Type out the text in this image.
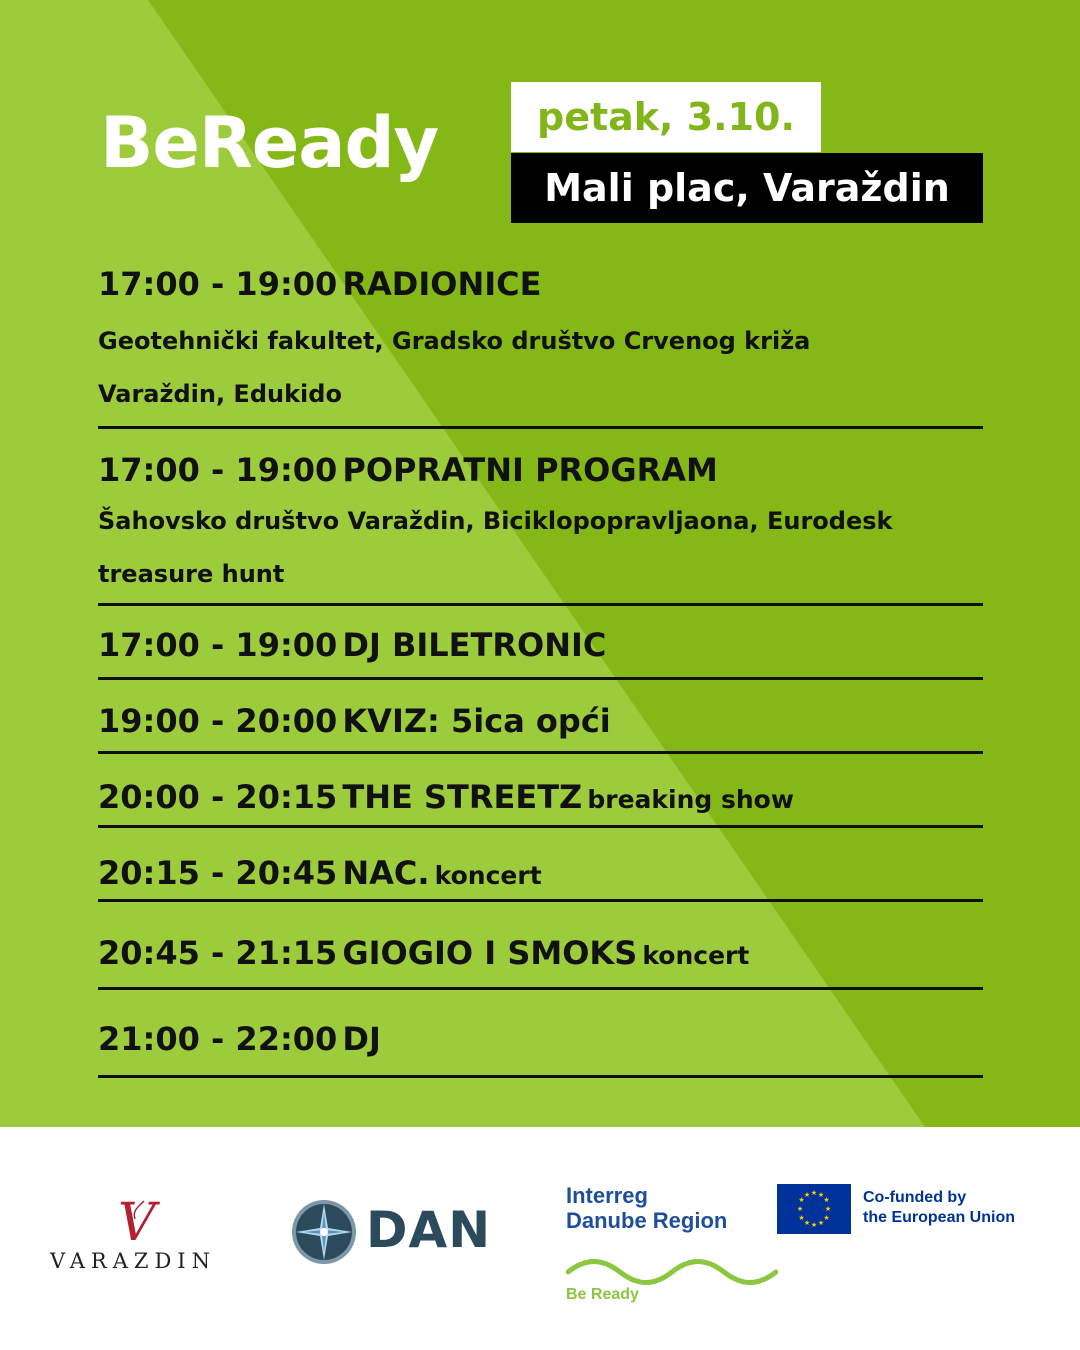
BeReady	petak, 3.10.
Mali plac, Varaždin
17:00 - 19:00 RADIONICE
Geotehnički fakultet, Gradsko društvo Crvenog križa
Varaždin, Edukido
17:00 - 19:00 POPRATNI PROGRAM
Šahovsko društvo Varaždin, Biciklopopravljaona, Eurodesk
treasure hunt
17:00 - 19:00 DJ BILETRONIC
19:00 - 20:00 KVIZ: 5ica opći
20:00 - 20:15 THE STREETZ breaking show
20:15 - 20:45 NAC. koncert
20:45 - 21:15 GIOGIO I SMOKS koncert
21:00 - 22:00 DJ
V
VARAZDIN
DAN
Interreg
Danube Region
Be Ready
★ ★
★
★
★
★
★
★
★
★
★
★	Co-funded by
the European Union
